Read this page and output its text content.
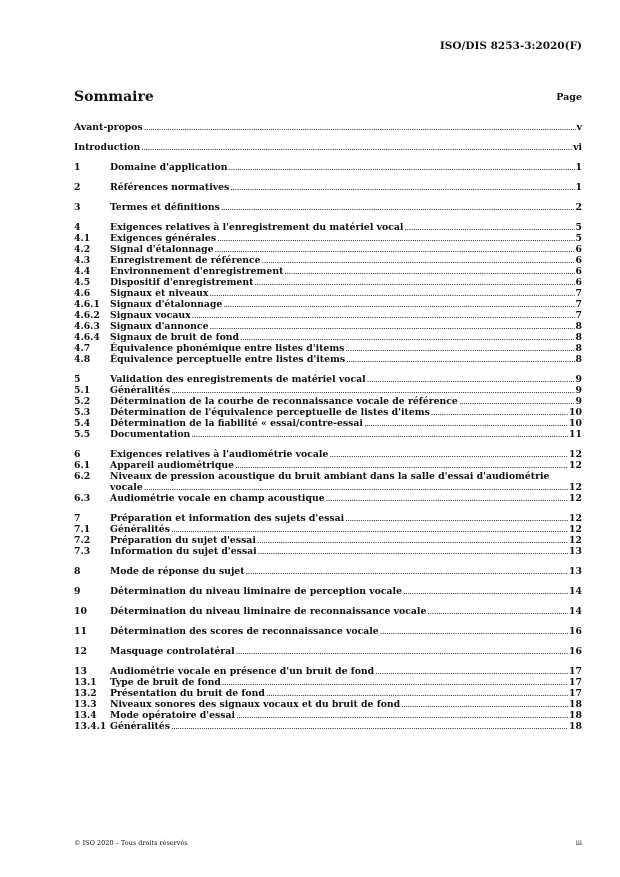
ISO/DIS 8253-3:2020(F)
Sommaire	Page
Avant-propos .....	v
Introduction .....	vi
1	Domaine d'application .....	1
2	Références normatives .....	1
3	Termes et définitions .....	2
4	Exigences relatives à l'enregistrement du matériel vocal .....	5
4.1 Exigences générales .....	5
4.2 Signal d'étalonnage .....	6
4.3 Enregistrement de référence .....	6
4.4 Environnement d'enregistrement .....	6
4.5 Dispositif d'enregistrement .....	6
4.6 Signaux et niveaux .....	7
4.6.1 Signaux d'étalonnage .....	7
4.6.2 Signaux vocaux .....	7
4.6.3 Signaux d'annonce .....	8
4.6.4 Signaux de bruit de fond .....	8
4.7 Équivalence phonémique entre listes d'items .....	8
4.8 Équivalence perceptuelle entre listes d'items .....	8
5	Validation des enregistrements de matériel vocal .....	9
5.1 Généralités .....	9
5.2 Détermination de la courbe de reconnaissance vocale de référence .....	9
5.3 Détermination de l'équivalence perceptuelle de listes d'items .....	10
5.4 Détermination de la fiabilité « essai/contre-essai .....	10
5.5 Documentation .....	11
6	Exigences relatives à l'audiométrie vocale .....	12
6.1 Appareil audiométrique .....	12
6.2 Niveaux de pression acoustique du bruit ambiant dans la salle d'essai d'audiométrie
vocale .....	12
6.3 Audiométrie vocale en champ acoustique .....	12
7	Préparation et information des sujets d'essai .....	12
7.1 Généralités .....	12
7.2 Préparation du sujet d'essai .....	12
7.3 Information du sujet d'essai .....	13
8	Mode de réponse du sujet .....	13
9	Détermination du niveau liminaire de perception vocale .....	14
10 Détermination du niveau liminaire de reconnaissance vocale .....	14
11 Détermination des scores de reconnaissance vocale .....	16
12 Masquage controlatéral .....	16
13 Audiométrie vocale en présence d'un bruit de fond .....	17
13.1 Type de bruit de fond .....	17
13.2 Présentation du bruit de fond .....	17
13.3 Niveaux sonores des signaux vocaux et du bruit de fond .....	18
13.4 Mode opératoire d'essai .....	18
13.4.1 Généralités .....	18
© ISO 2020 – Tous droits réservés	iii
